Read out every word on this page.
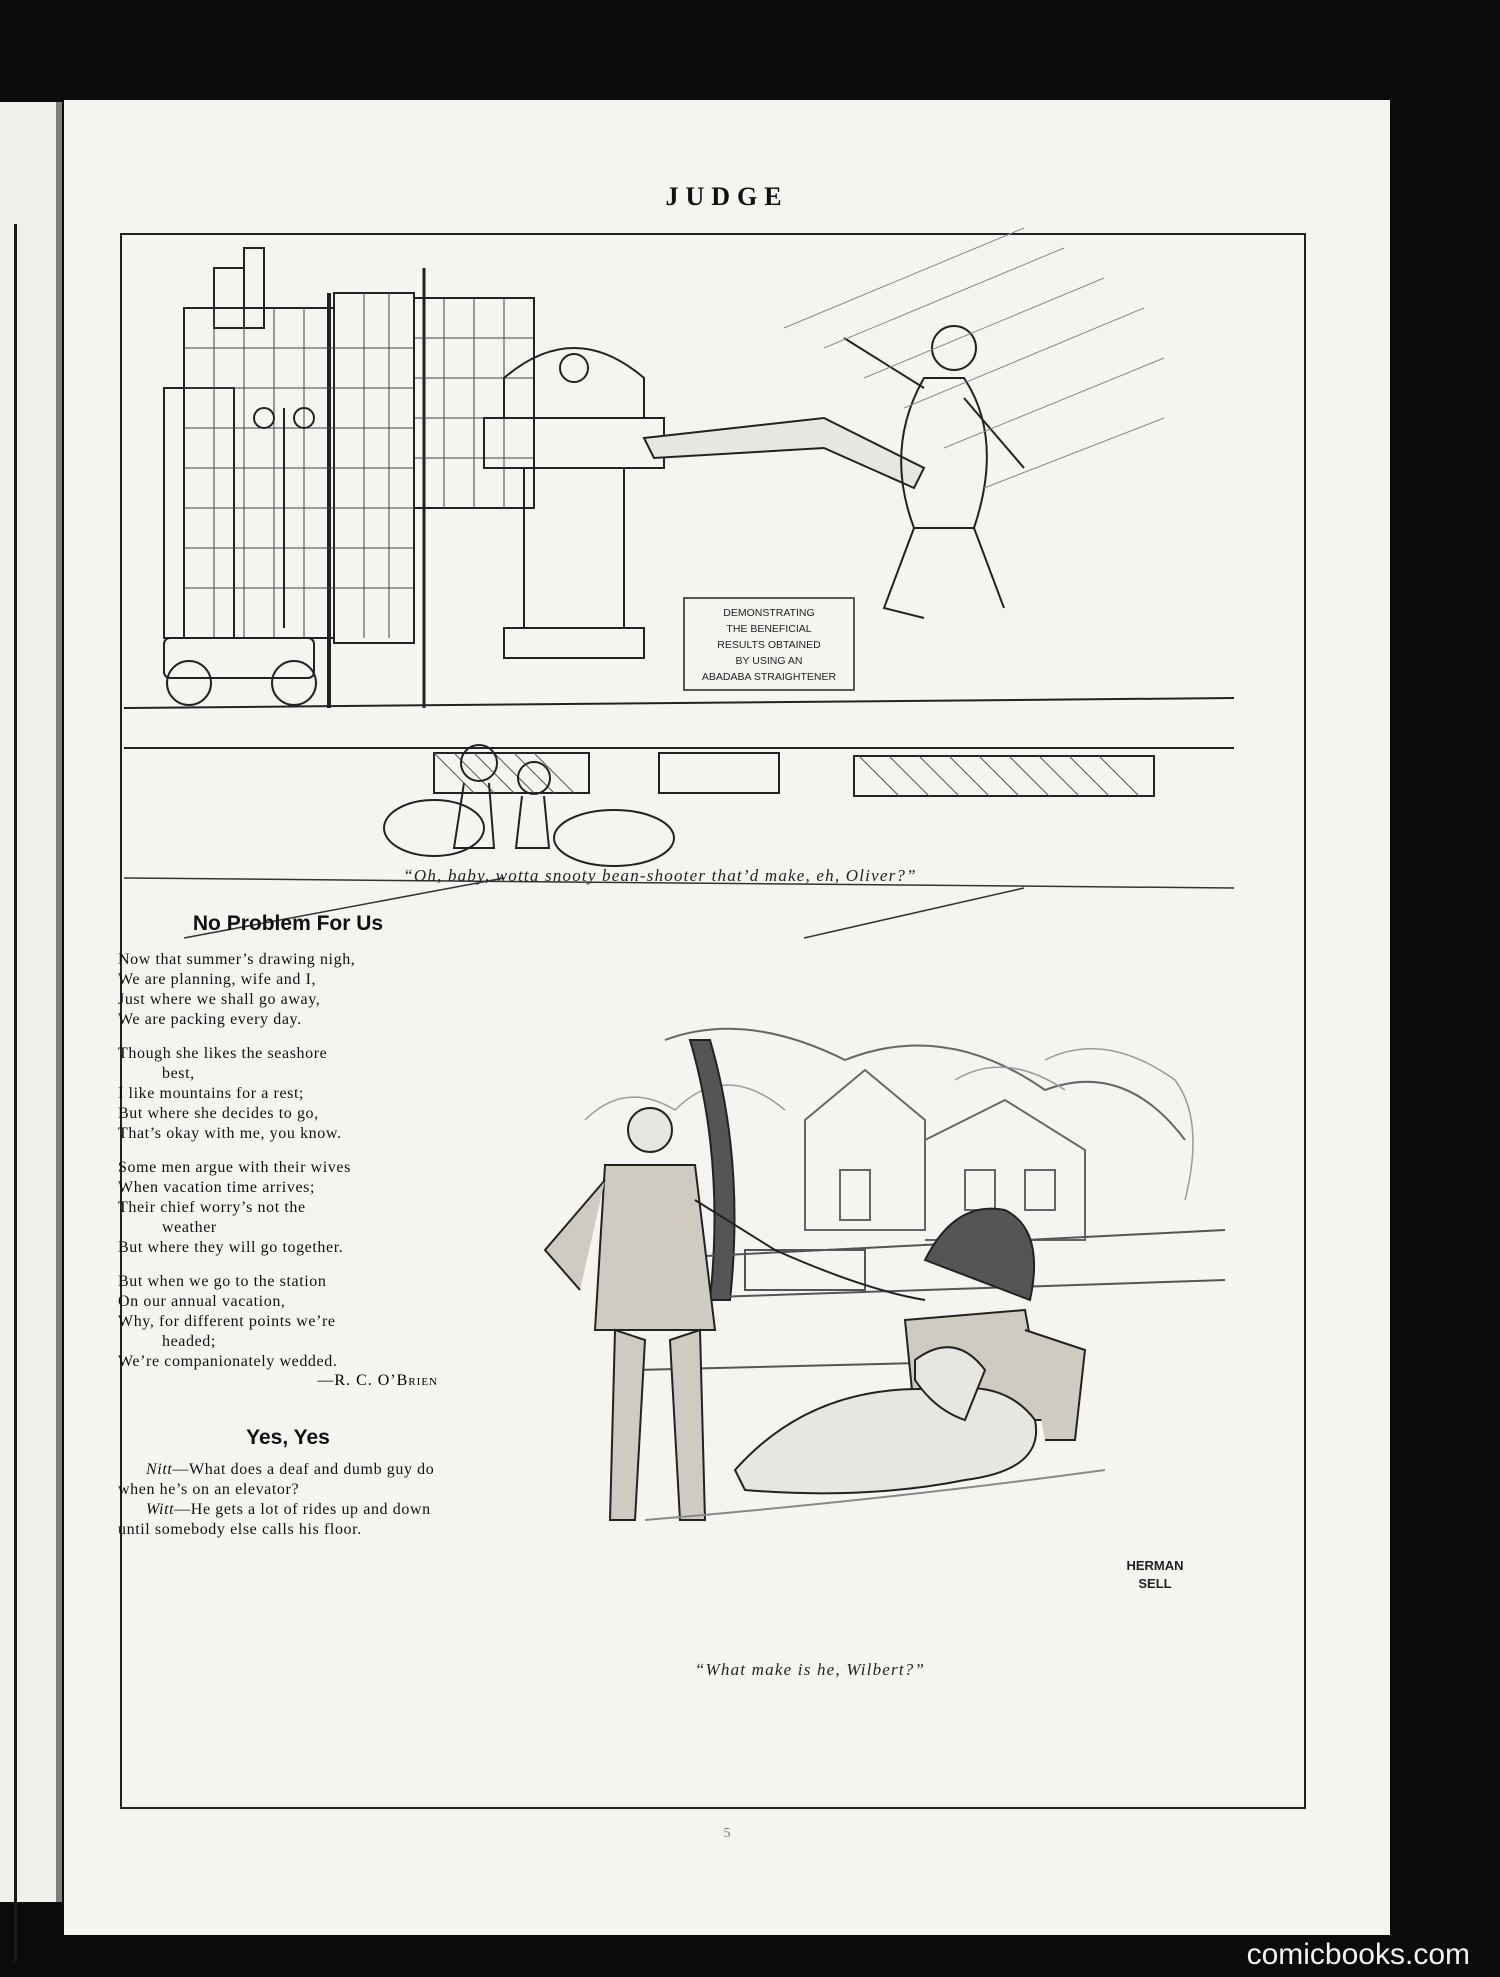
JUDGE
5
DEMONSTRATING
THE BENEFICIAL
RESULTS OBTAINED
BY USING AN
ABADABA STRAIGHTENER
“Oh, baby, wotta snooty bean-shooter that’d make, eh, Oliver?”
No Problem For Us
Now that summer’s drawing nigh,
We are planning, wife and I,
Just where we shall go away,
We are packing every day.
Though she likes the seashore
best,
I like mountains for a rest;
But where she decides to go,
That’s okay with me, you know.
Some men argue with their wives
When vacation time arrives;
Their chief worry’s not the
weather
But where they will go together.
But when we go to the station
On our annual vacation,
Why, for different points we’re
headed;
We’re companionately wedded.
—R. C. O’Brien
Yes, Yes

Nitt—What does a deaf and dumb guy do when he’s on an elevator?

Witt—He gets a lot of rides up and down until somebody else calls his floor.

HERMAN
SELL
“What make is he, Wilbert?”
comicbooks.com
